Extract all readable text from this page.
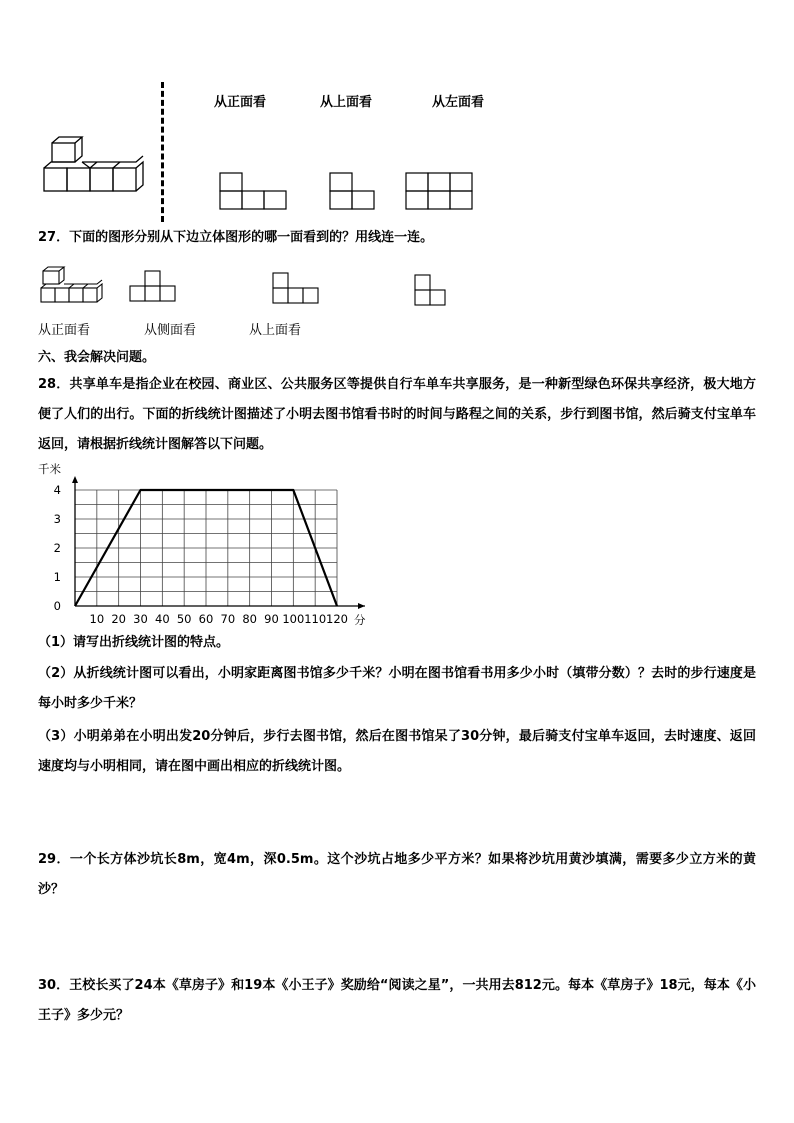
从正面看	从上面看	从左面看
27．下面的图形分别从下边立体图形的哪一面看到的？用线连一连。
从正面看	从侧面看	从上面看
六、我会解决问题。
28．共享单车是指企业在校园、商业区、公共服务区等提供自行车单车共享服务，是一种新型绿色环保共享经济，极大地方便了人们的出行。下面的折线统计图描述了小明去图书馆看书时的时间与路程之间的关系，步行到图书馆，然后骑支付宝单车返回，请根据折线统计图解答以下问题。
10 20 30 40 50 60 70 80 90 100 110 120
0
1
2
3
4
千米
分
（1）请写出折线统计图的特点。
（2）从折线统计图可以看出，小明家距离图书馆多少千米？小明在图书馆看书用多少小时（填带分数）？去时的步行速度是每小时多少千米？
（3）小明弟弟在小明出发20分钟后，步行去图书馆，然后在图书馆呆了30分钟，最后骑支付宝单车返回，去时速度、返回速度均与小明相同，请在图中画出相应的折线统计图。
29．一个长方体沙坑长8m，宽4m，深0.5m。这个沙坑占地多少平方米？如果将沙坑用黄沙填满，需要多少立方米的黄沙？
30．王校长买了24本《草房子》和19本《小王子》奖励给“阅读之星”，一共用去812元。每本《草房子》18元，每本《小王子》多少元？
